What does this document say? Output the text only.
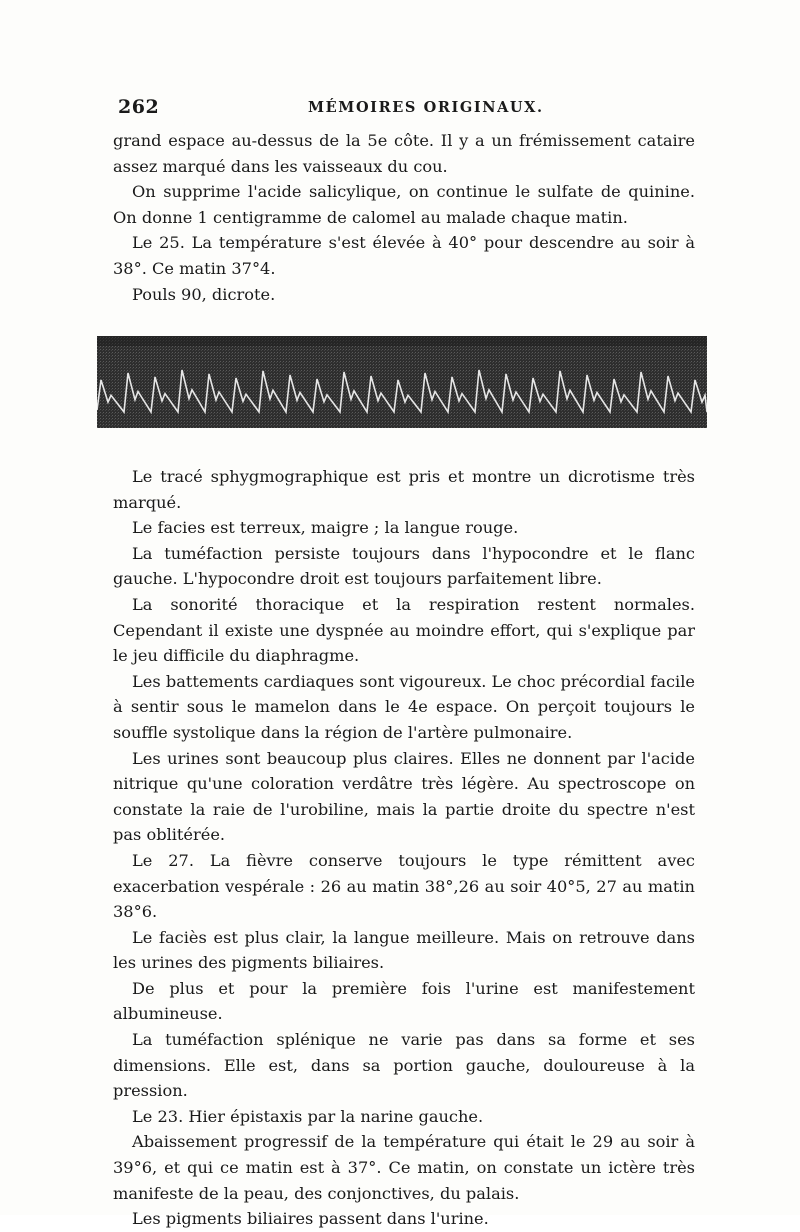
262	MÉMOIRES ORIGINAUX.

grand espace au-dessus de la 5e côte. Il y a un frémissement cataire assez marqué dans les vaisseaux du cou.

On supprime l'acide salicylique, on continue le sulfate de quinine. On donne 1 centigramme de calomel au malade chaque matin.

Le 25. La température s'est élevée à 40° pour descendre au soir à 38°. Ce matin 37°4.

Pouls 90, dicrote.

Le tracé sphygmographique est pris et montre un dicrotisme très marqué.

Le facies est terreux, maigre ; la langue rouge.

La tuméfaction persiste toujours dans l'hypocondre et le flanc gauche. L'hypocondre droit est toujours parfaitement libre.

La sonorité thoracique et la respiration restent normales. Cependant il existe une dyspnée au moindre effort, qui s'explique par le jeu difficile du diaphragme.

Les battements cardiaques sont vigoureux. Le choc précordial facile à sentir sous le mamelon dans le 4e espace. On perçoit toujours le souffle systolique dans la région de l'artère pulmonaire.

Les urines sont beaucoup plus claires. Elles ne donnent par l'acide nitrique qu'une coloration verdâtre très légère. Au spectroscope on constate la raie de l'urobiline, mais la partie droite du spectre n'est pas oblitérée.

Le 27. La fièvre conserve toujours le type rémittent avec exacerbation vespérale : 26 au matin 38°,26 au soir 40°5, 27 au matin 38°6.

Le faciès est plus clair, la langue meilleure. Mais on retrouve dans les urines des pigments biliaires.

De plus et pour la première fois l'urine est manifestement albumineuse.

La tuméfaction splénique ne varie pas dans sa forme et ses dimensions. Elle est, dans sa portion gauche, douloureuse à la pression.

Le 23. Hier épistaxis par la narine gauche.

Abaissement progressif de la température qui était le 29 au soir à 39°6, et qui ce matin est à 37°. Ce matin, on constate un ictère très manifeste de la peau, des conjonctives, du palais.

Les pigments biliaires passent dans l'urine.
